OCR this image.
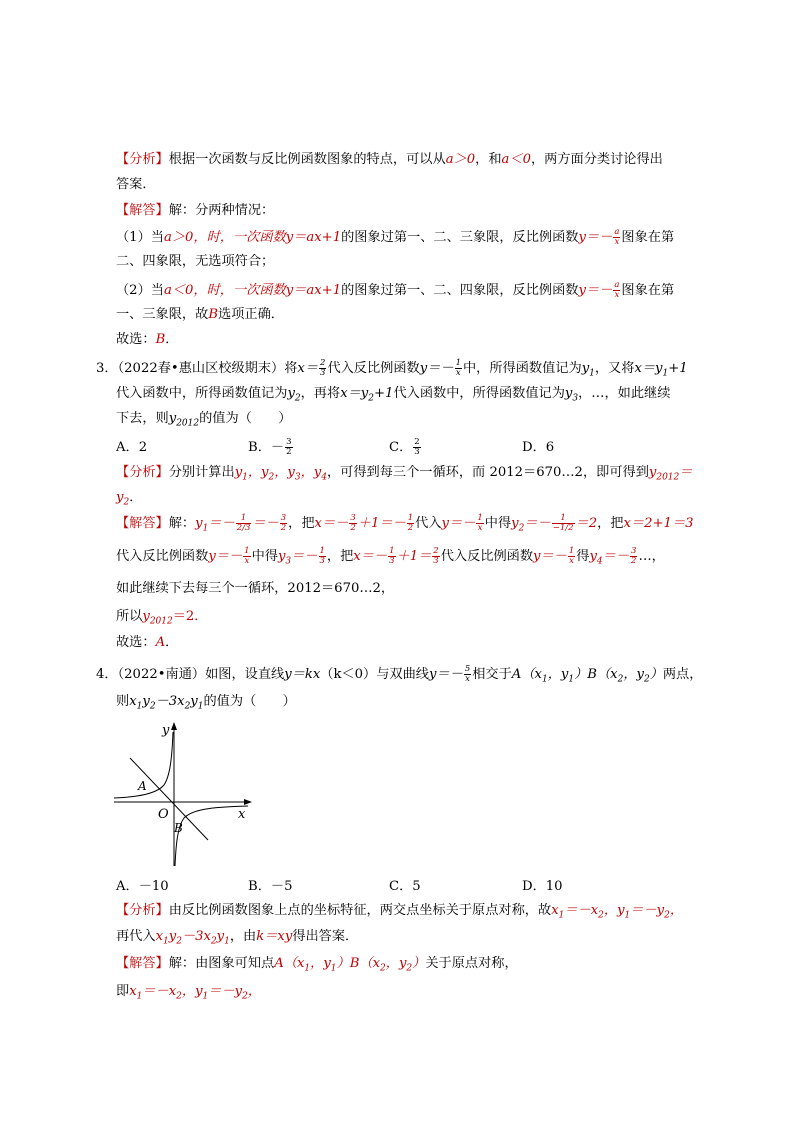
【分析】根据一次函数与反比例函数图象的特点，可以从a＞0，和a＜0，两方面分类讨论得出
答案．
【解答】解：分两种情况：
（1）当a＞0，时，一次函数y＝ax+1的图象过第一、二、三象限，反比例函数$y=- \frac{a}{x}$ 图象在第
二、四象限，无选项符合；
（2）当a＜0，时，一次函数y＝ax+1的图象过第一、二、四象限，反比例函数$y=- \frac{a}{x}$ 图象在第
一、三象限，故B选项正确．
故选：B．
3．（2022春•惠山区校级期末）将$x= \frac{2}{3}$ 代入反比例函数$y=- \frac{1}{x}$ 中，所得函数值记为$y_1$，又将$x=y_1+1$
代入函数中，所得函数值记为$y_2$，再将$x=y_2+1$代入函数中，所得函数值记为$y_3$，…，如此继续
下去，则$y_{2012}$的值为（　　）
A．2	B．－ $\frac{3}{2}$	C． $\frac{2}{3}$	D．6
【分析】分别计算出$y_1$，$y_2$，$y_3$，$y_4$，可得到每三个一循环，而 2012＝670…2，即可得到$y_{2012}=$
$y_2$．
【解答】解：$y_1=- \frac{1}{2/3} =- \frac{3}{2}$ ，把$x=- \frac{3}{2} +1=- \frac{1}{2}$ 代入$y=- \frac{1}{x}$ 中得$y_2=- \frac{1}{-1/2} =2$，把x＝2+1＝3
代入反比例函数$y=- \frac{1}{x}$ 中得$y_3=- \frac{1}{3}$ ，把$x=- \frac{1}{3} +1= \frac{2}{3}$ 代入反比例函数$y=- \frac{1}{x}$ 得$y_4=- \frac{3}{2}$ …，
如此继续下去每三个一循环，2012＝670…2，
所以$y_{2012}=2$．
故选：A．
4．（2022•南通）如图，设直线y＝kx（k＜0）与双曲线$y=- \frac{5}{x}$ 相交于$A(x_1$，$y_1)B(x_2$，$y_2$）两点，
则$x_1y_2-3x_2y_1$的值为（　　）
y
x
O
A
B
A．－10	B．－5	C．5	D．10
【分析】由反比例函数图象上点的坐标特征，两交点坐标关于原点对称，故$x_1=-x_2$，$y_1=-y_2$，
再代入$x_1y_2-3x_2y_1$，由k＝xy得出答案．
【解答】解：由图象可知点$A(x_1$，$y_1)B(x_2$，$y_2$）关于原点对称，
即$x_1=-x_2$，$y_1=-y_2$，
